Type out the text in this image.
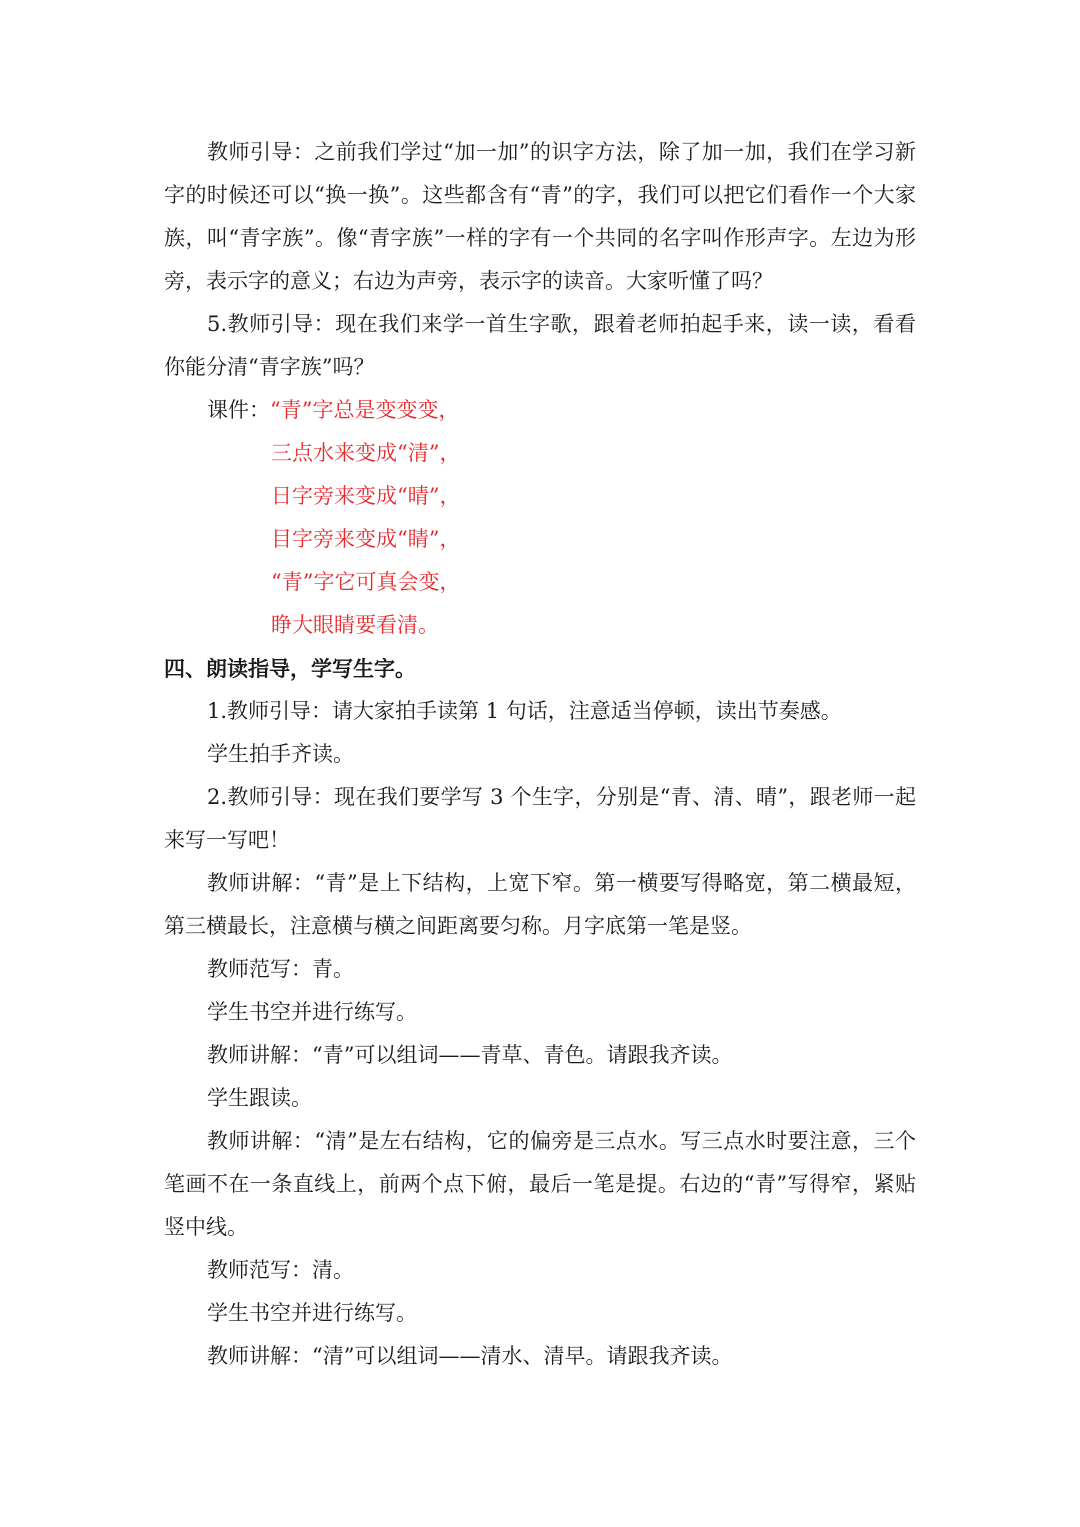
教师引导：之前我们学过“加一加”的识字方法，除了加一加，我们在学习新字的时候还可以“换一换”。这些都含有“青”的字，我们可以把它们看作一个大家族，叫“青字族”。像“青字族”一样的字有一个共同的名字叫作形声字。左边为形旁，表示字的意义；右边为声旁，表示字的读音。大家听懂了吗？

5.教师引导：现在我们来学一首生字歌，跟着老师拍起手来，读一读，看看你能分清“青字族”吗？

课件：“青”字总是变变变，

三点水来变成“清”，

日字旁来变成“晴”，

目字旁来变成“睛”，

“青”字它可真会变，

睁大眼睛要看清。

四、朗读指导，学写生字。

1.教师引导：请大家拍手读第 1 句话，注意适当停顿，读出节奏感。

学生拍手齐读。

2.教师引导：现在我们要学写 3 个生字，分别是“青、清、晴”，跟老师一起来写一写吧！

教师讲解：“青”是上下结构，上宽下窄。第一横要写得略宽，第二横最短，第三横最长，注意横与横之间距离要匀称。月字底第一笔是竖。

教师范写：青。

学生书空并进行练写。

教师讲解：“青”可以组词——青草、青色。请跟我齐读。

学生跟读。

教师讲解：“清”是左右结构，它的偏旁是三点水。写三点水时要注意，三个笔画不在一条直线上，前两个点下俯，最后一笔是提。右边的“青”写得窄，紧贴竖中线。

教师范写：清。

学生书空并进行练写。

教师讲解：“清”可以组词——清水、清早。请跟我齐读。
